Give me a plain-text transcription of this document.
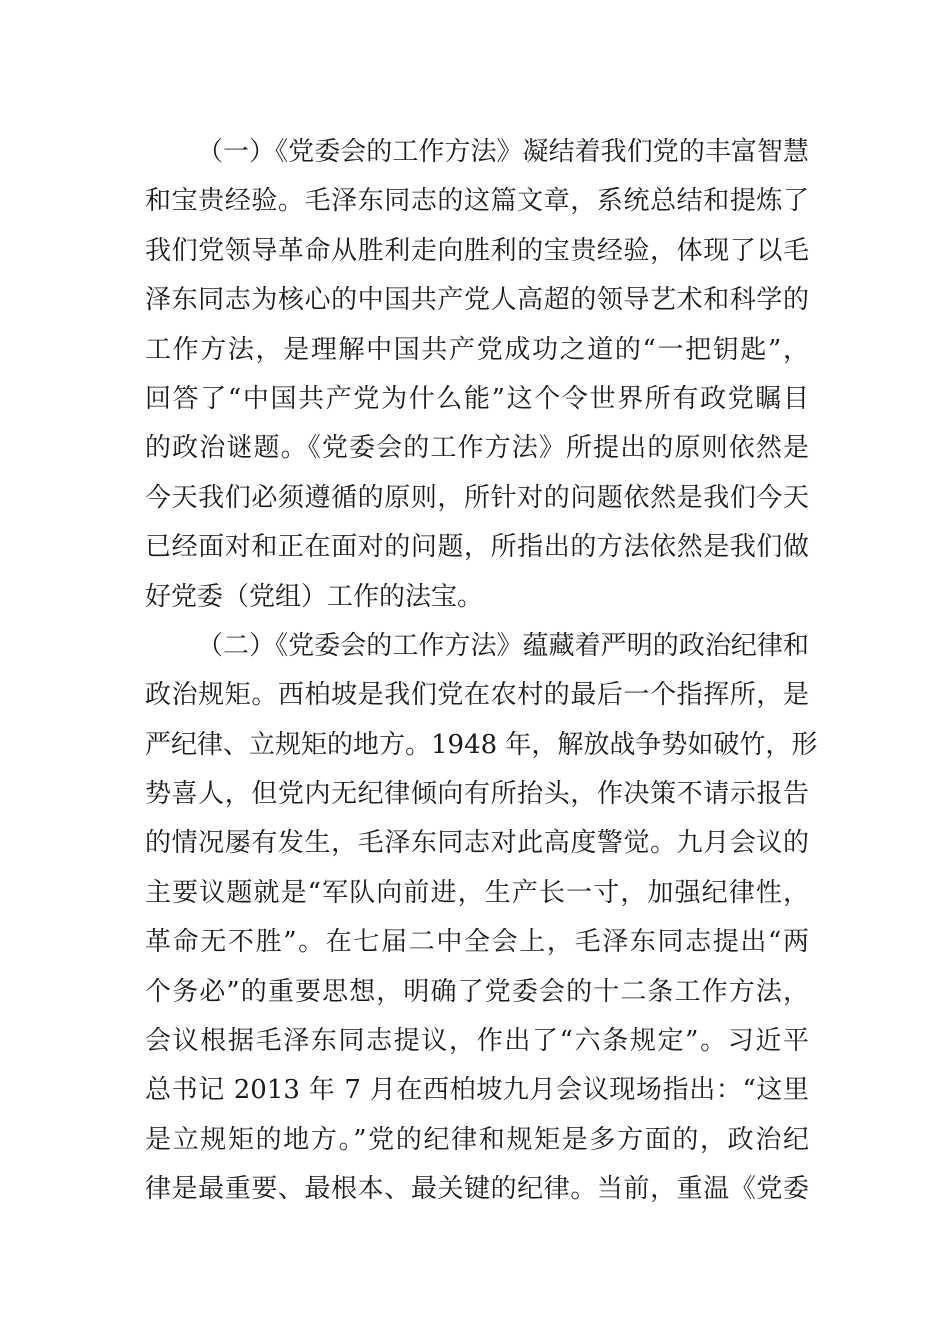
（一）《党委会的工作方法》凝结着我们党的丰富智慧
和宝贵经验。毛泽东同志的这篇文章，系统总结和提炼了
我们党领导革命从胜利走向胜利的宝贵经验，体现了以毛
泽东同志为核心的中国共产党人高超的领导艺术和科学的
工作方法，是理解中国共产党成功之道的“一把钥匙”，
回答了“中国共产党为什么能”这个令世界所有政党瞩目
的政治谜题。《党委会的工作方法》所提出的原则依然是
今天我们必须遵循的原则，所针对的问题依然是我们今天
已经面对和正在面对的问题，所指出的方法依然是我们做
好党委（党组）工作的法宝。
（二）《党委会的工作方法》蕴藏着严明的政治纪律和
政治规矩。西柏坡是我们党在农村的最后一个指挥所，是
严纪律、立规矩的地方。1948 年，解放战争势如破竹，形
势喜人，但党内无纪律倾向有所抬头，作决策不请示报告
的情况屡有发生，毛泽东同志对此高度警觉。九月会议的
主要议题就是“军队向前进，生产长一寸，加强纪律性，
革命无不胜”。在七届二中全会上，毛泽东同志提出“两
个务必”的重要思想，明确了党委会的十二条工作方法，
会议根据毛泽东同志提议，作出了“六条规定”。习近平
总书记 2013 年 7 月在西柏坡九月会议现场指出：“这里
是立规矩的地方。”党的纪律和规矩是多方面的，政治纪
律是最重要、最根本、最关键的纪律。当前，重温《党委
